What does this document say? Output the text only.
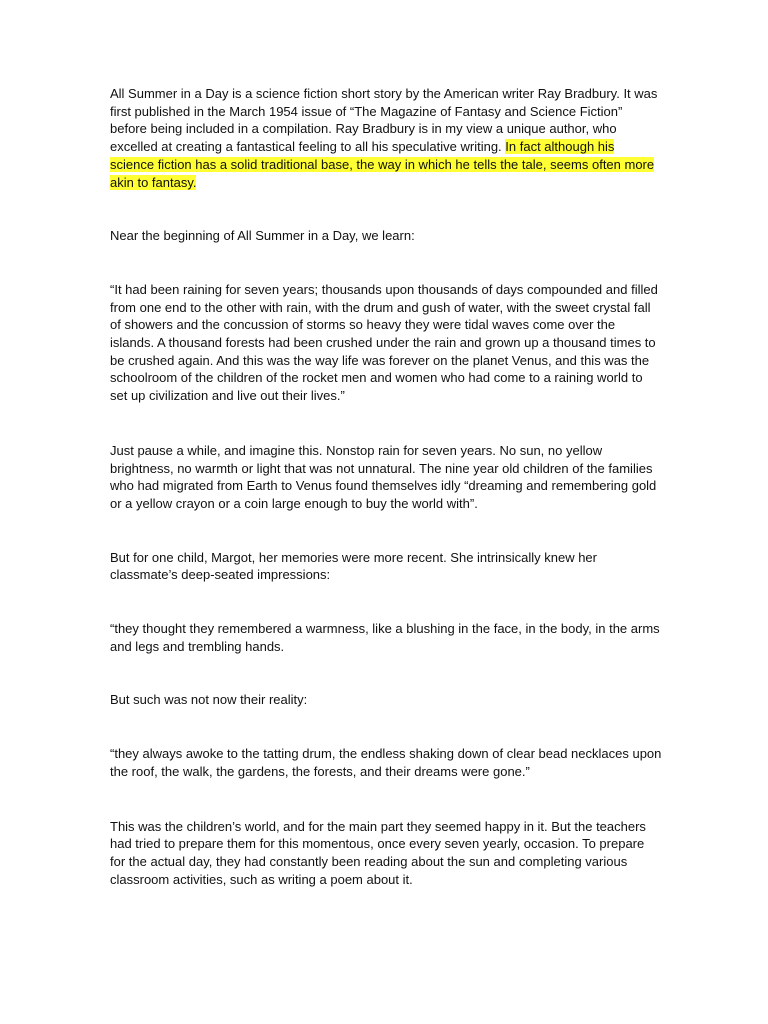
All Summer in a Day is a science fiction short story by the American writer Ray Bradbury. It was first published in the March 1954 issue of “The Magazine of Fantasy and Science Fiction” before being included in a compilation. Ray Bradbury is in my view a unique author, who excelled at creating a fantastical feeling to all his speculative writing. In fact although his science fiction has a solid traditional base, the way in which he tells the tale, seems often more akin to fantasy.

Near the beginning of All Summer in a Day, we learn:

“It had been raining for seven years; thousands upon thousands of days compounded and filled from one end to the other with rain, with the drum and gush of water, with the sweet crystal fall of showers and the concussion of storms so heavy they were tidal waves come over the islands. A thousand forests had been crushed under the rain and grown up a thousand times to be crushed again. And this was the way life was forever on the planet Venus, and this was the schoolroom of the children of the rocket men and women who had come to a raining world to set up civilization and live out their lives.”

Just pause a while, and imagine this. Nonstop rain for seven years. No sun, no yellow brightness, no warmth or light that was not unnatural. The nine year old children of the families who had migrated from Earth to Venus found themselves idly “dreaming and remembering gold or a yellow crayon or a coin large enough to buy the world with”.

But for one child, Margot, her memories were more recent. She intrinsically knew her classmate’s deep-seated impressions:

“they thought they remembered a warmness, like a blushing in the face, in the body, in the arms and legs and trembling hands.

But such was not now their reality:

“they always awoke to the tatting drum, the endless shaking down of clear bead necklaces upon the roof, the walk, the gardens, the forests, and their dreams were gone.”

This was the children’s world, and for the main part they seemed happy in it. But the teachers had tried to prepare them for this momentous, once every seven yearly, occasion. To prepare for the actual day, they had constantly been reading about the sun and completing various classroom activities, such as writing a poem about it.
